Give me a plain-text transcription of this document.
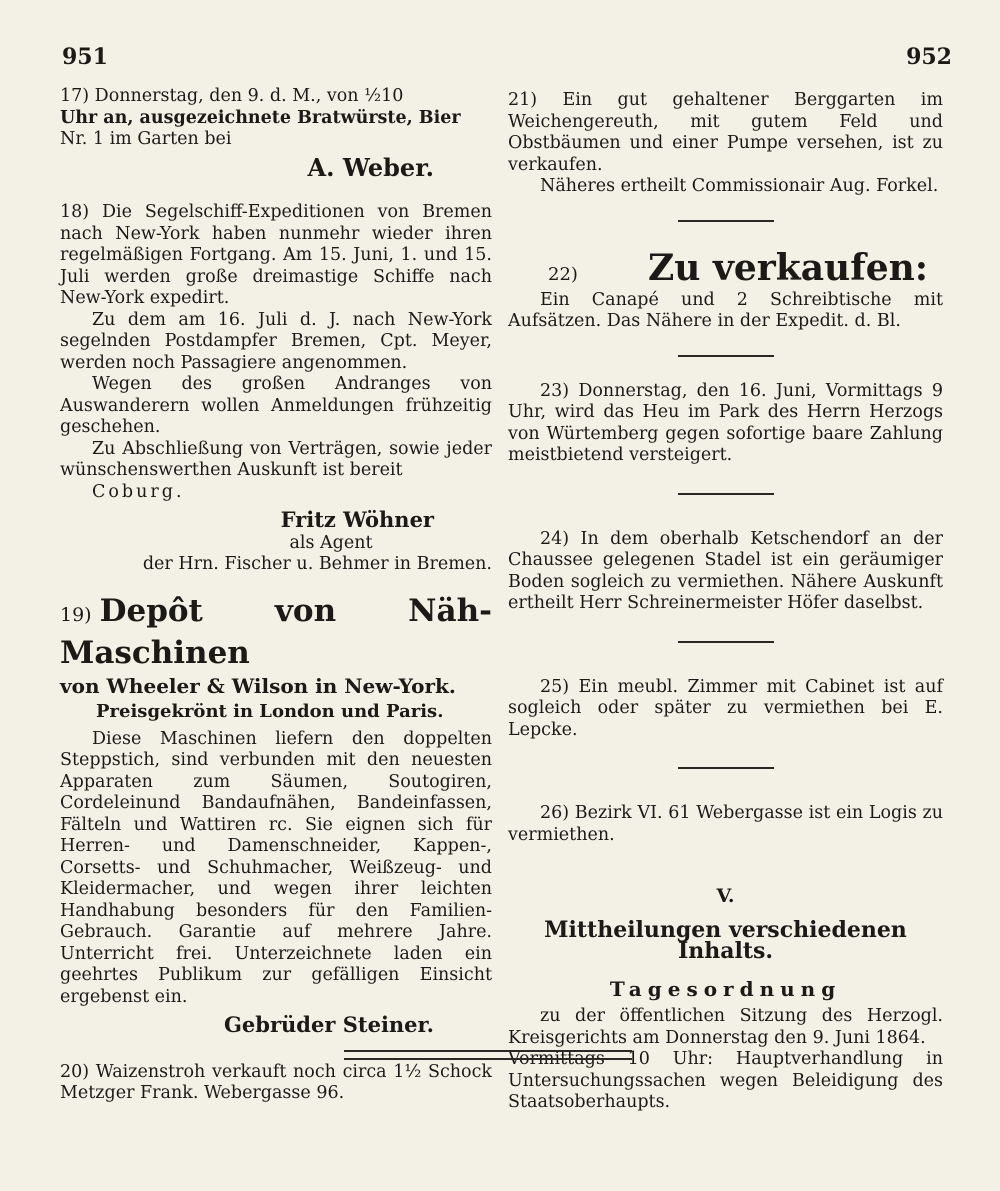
951	952

17) Donnerstag, den 9. d. M., von ½10

Uhr an, ausgezeichnete Bratwürste, Bier

Nr. 1 im Garten bei

A. Weber.

18) Die Segelschiff-Expeditionen von Bremen nach New-York haben nunmehr wieder ihren regelmäßigen Fortgang. Am 15. Juni, 1. und 15. Juli werden große dreimastige Schiffe nach New-York expedirt.

Zu dem am 16. Juli d. J. nach New-York segelnden Postdampfer Bremen, Cpt. Meyer, werden noch Passagiere angenommen.

Wegen des großen Andranges von Auswanderern wollen Anmeldungen frühzeitig geschehen.

Zu Abschließung von Verträgen, sowie jeder wünschenswerthen Auskunft ist bereit

Coburg.

Fritz Wöhner

als Agent

der Hrn. Fischer u. Behmer in Bremen.

19) Depôt von Näh-Maschinen
von Wheeler & Wilson in New-York.
Preisgekrönt in London und Paris.

Diese Maschinen liefern den doppelten Steppstich, sind verbunden mit den neuesten Apparaten zum Säumen, Soutogiren, Cordeleinund Bandaufnähen, Bandeinfassen, Fälteln und Wattiren rc. Sie eignen sich für Herren- und Damenschneider, Kappen-, Corsetts- und Schuhmacher, Weißzeug- und Kleidermacher, und wegen ihrer leichten Handhabung besonders für den Familien-Gebrauch. Garantie auf mehrere Jahre. Unterricht frei. Unterzeichnete laden ein geehrtes Publikum zur gefälligen Einsicht ergebenst ein.

Gebrüder Steiner.

20) Waizenstroh verkauft noch circa 1½ Schock Metzger Frank. Webergasse 96.

21) Ein gut gehaltener Berggarten im Weichengereuth, mit gutem Feld und Obstbäumen und einer Pumpe versehen, ist zu verkaufen.

Näheres ertheilt Commissionair Aug. Forkel.

22)	Zu verkaufen:

Ein Canapé und 2 Schreibtische mit Aufsätzen. Das Nähere in der Expedit. d. Bl.

23) Donnerstag, den 16. Juni, Vormittags 9 Uhr, wird das Heu im Park des Herrn Herzogs von Würtemberg gegen sofortige baare Zahlung meistbietend versteigert.

24) In dem oberhalb Ketschendorf an der Chaussee gelegenen Stadel ist ein geräumiger Boden sogleich zu vermiethen. Nähere Auskunft ertheilt Herr Schreinermeister Höfer daselbst.

25) Ein meubl. Zimmer mit Cabinet ist auf sogleich oder später zu vermiethen bei E. Lepcke.

26) Bezirk VI. 61 Webergasse ist ein Logis zu vermiethen.

V.
Mittheilungen verschiedenen Inhalts.
Tagesordnung

zu der öffentlichen Sitzung des Herzogl. Kreisgerichts am Donnerstag den 9. Juni 1864.

Vormittags 10 Uhr: Hauptverhandlung in Untersuchungssachen wegen Beleidigung des Staatsoberhaupts.
